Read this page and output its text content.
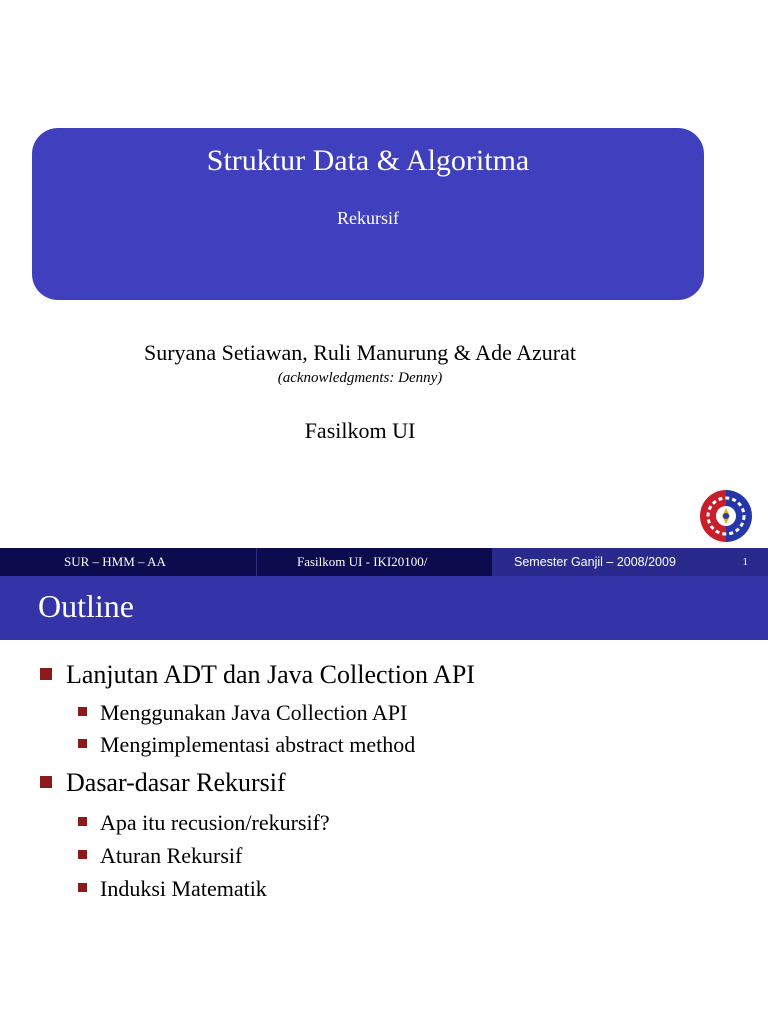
Struktur Data & Algoritma
Rekursif
Suryana Setiawan, Ruli Manurung & Ade Azurat
(acknowledgments: Denny)
Fasilkom UI
SUR – HMM – AA	Fasilkom UI - IKI20100/	Semester Ganjil – 2008/2009	1
Outline
Lanjutan ADT dan Java Collection API
Menggunakan Java Collection API
Mengimplementasi abstract method
Dasar-dasar Rekursif
Apa itu recusion/rekursif?
Aturan Rekursif
Induksi Matematik
